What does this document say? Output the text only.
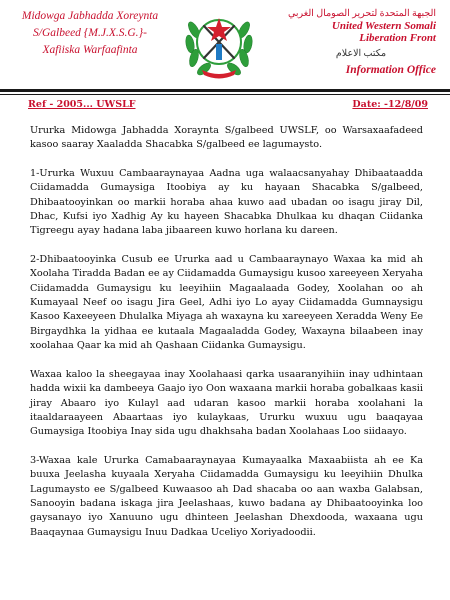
Midowga Jabhadda Xoreynta
S/Galbeed {M.J.X.S.G.}-
Xafiiska Warfaafinta
الجبهة المتحدة لتحرير الصومال الغربي
United Western Somali
Liberation Front
مكتب الاعلام
Information Office
Ref - 2005... UWSLF	Date: -12/8/09

Ururka Midowga Jabhadda Xoraynta S/galbeed UWSLF, oo Warsaxaafadeed kasoo saaray Xaaladda Shacabka S/galbeed ee lagumaysto.

1-Ururka Wuxuu Cambaaraynayaa Aadna uga walaacsanyahay Dhibaataadda Ciidamadda Gumaysiga Itoobiya ay ku hayaan Shacabka S/galbeed, Dhibaatooyinkan oo markii horaba ahaa kuwo aad ubadan oo isagu jiray Dil, Dhac, Kufsi iyo Xadhig Ay ku hayeen Shacabka Dhulkaa ku dhaqan Ciidanka Tigreegu ayay hadana laba jibaareen kuwo horlana ku dareen.

2-Dhibaatooyinka Cusub ee Ururka aad u Cambaaraynayo Waxaa ka mid ah Xoolaha Tiradda Badan ee ay Ciidamadda Gumaysigu kusoo xareeyeen Xeryaha Ciidamadda Gumaysigu ku leeyihiin Magaalaada Godey, Xoolahan oo ah Kumayaal Neef oo isagu Jira Geel, Adhi iyo Lo ayay Ciidamadda Gumnaysigu Kasoo Kaxeeyeen Dhulalka Miyaga ah waxayna ku xareeyeen Xeradda Weny Ee Birgaydhka la yidhaa ee kutaala Magaaladda Godey, Waxayna bilaabeen inay xoolahaa Qaar ka mid ah Qashaan Ciidanka Gumaysigu.

Waxaa kaloo la sheegayaa inay Xoolahaasi qarka usaaranyihiin inay udhintaan hadda wixii ka dambeeya Gaajo iyo Oon waxaana markii horaba gobalkaas kasii jiray Abaaro iyo Kulayl aad udaran kasoo markii horaba xoolahani la itaaldaraayeen Abaartaas iyo kulaykaas, Ururku wuxuu ugu baaqayaa Gumaysiga Itoobiya Inay sida ugu dhakhsaha badan Xoolahaas Loo siidaayo.

3-Waxaa kale Ururka Camabaaraynayaa Kumayaalka Maxaabiista ah ee Ka buuxa Jeelasha kuyaala Xeryaha Ciidamadda Gumaysigu ku leeyihiin Dhulka Lagumaysto ee S/galbeed Kuwaasoo ah Dad shacaba oo aan waxba Galabsan, Sanooyin badana iskaga jira Jeelashaas, kuwo badana ay Dhibaatooyinka loo gaysanayo iyo Xanuuno ugu dhinteen Jeelashan Dhexdooda, waxaana ugu Baaqaynaa Gumaysigu Inuu Dadkaa Uceliyo Xoriyadoodii.
